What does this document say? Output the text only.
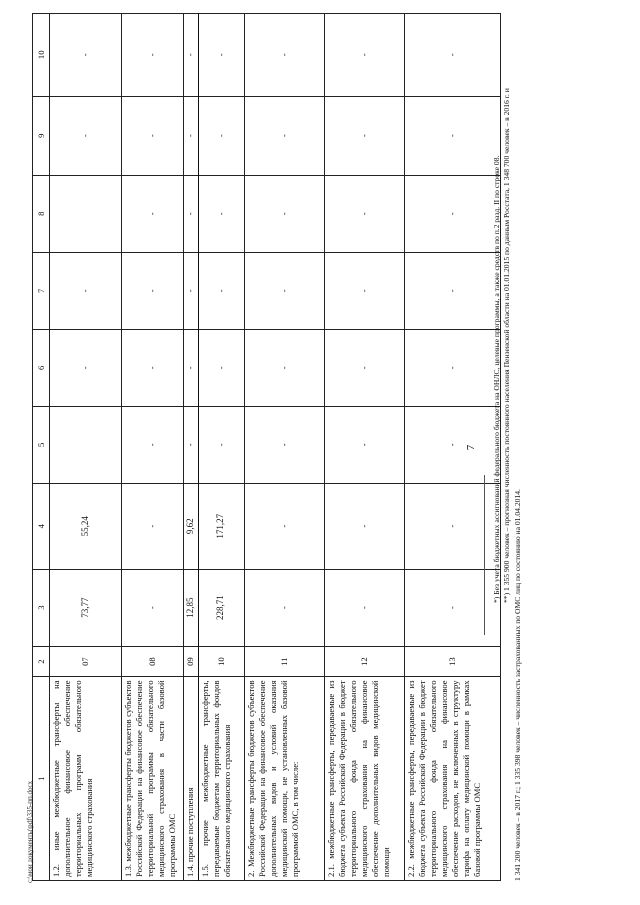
c:\мои документы\pdf\335-пп.docx
1	2	3	4	5	6	7	8	9	10
1.2. иные межбюджетные трансферты на дополнительное финансовое обеспечение территориальных программ обязательного медицинского страхования	07	73,77	55,24		-	-		-	-
1.3. межбюджетные трансферты бюджетов субъектов Российской Федерации на финансовое обеспечение территориальной программы обязательного медицинского страхования в части базовой программы ОМС	08	-	-	-	-	-	-	-	-
1.4. прочие поступления	09	12,85	9,62	-	-	-	-	-	-
1.5. прочие межбюджетные трансферты, передаваемые бюджетам территориальных фондов обязательного медицинского страхования	10	228,71	171,27	-	-	-	-	-	-
2. Межбюджетные трансферты бюджетов субъектов Российской Федерации на финансовое обеспечение дополнительных видов и условий оказания медицинской помощи, не установленных базовой программой ОМС, в том числе:	11	-	-	-	-	-	-	-	-
2.1. межбюджетные трансферты, передаваемые из бюджета субъекта Российской Федерации в бюджет территориального фонда обязательного медицинского страхования на финансовое обеспечение дополнительных видов медицинской помощи	12	-	-	-	-	-	-	-	-
2.2. межбюджетные трансферты, передаваемые из бюджета субъекта Российской Федерации в бюджет территориального фонда обязательного медицинского страхования на финансовое обеспечение расходов, не включенных в структуру тарифа на оплату медицинской помощи в рамках базовой программы ОМС	13	-	-	-	-	-	-	-	-
7 *) Без учета бюджетных ассигнований федерального бюджета на ОНЛС, целевые программы, а также средств по п.2 разд. II по строке 08. **) 1 355 900 человек – прогнозная численность постоянного населения Пензенской области на 01.01.2015 по данным Росстата, 1 348 700 человек – в 2016 г. и

1 341 200 человек – в 2017 г.; 1 335 398 человек – численность застрахованных по ОМС лиц по состоянию на 01.04.2014.
